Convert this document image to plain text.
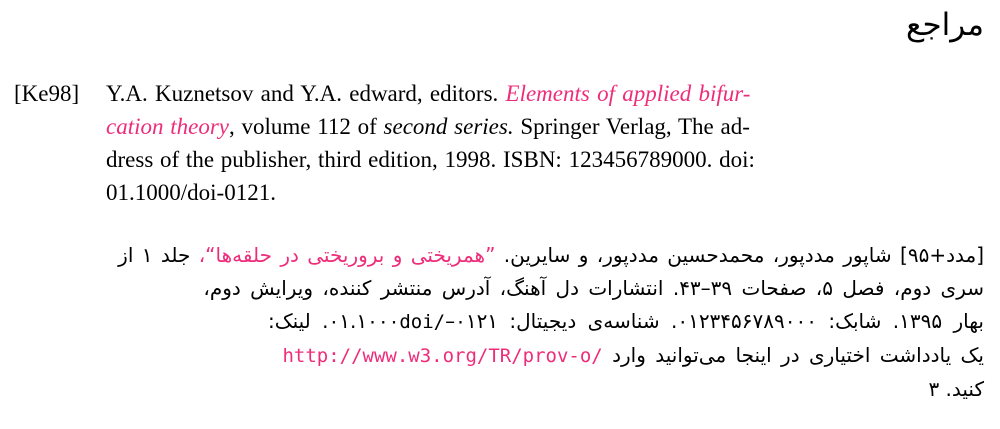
مراجع
[Ke98]	Y.A. Kuznetsov and Y.A. edward, editors. Elements of applied bifur-
cation theory, volume 112 of second series. Springer Verlag, The ad-
dress of the publisher, third edition, 1998. ISBN: 123456789000. doi:
01.1000/doi-0121.
[مدد+۹۵] شاپور مددپور، محمدحسین مددپور، و سایرین. ”همریختی و بروریختی در حلقه‌ها“، جلد ۱ از
سری دوم، فصل ۵، صفحات ۳۹–۴۳. انتشارات دل آهنگ، آدرس منتشر کننده، ویرایش دوم،
بهار ۱۳۹۵. شابک: ۰۱۲۳۴۵۶۷۸۹۰۰۰. شناسه‌ی دیجیتال: ۰۱۲۱–doi/۰۱.۱۰۰۰. لینک:
یک یادداشت اختیاری در اینجا می‌توانید وارد http://www.w3.org/TR/prov-o/
کنید. ۳
